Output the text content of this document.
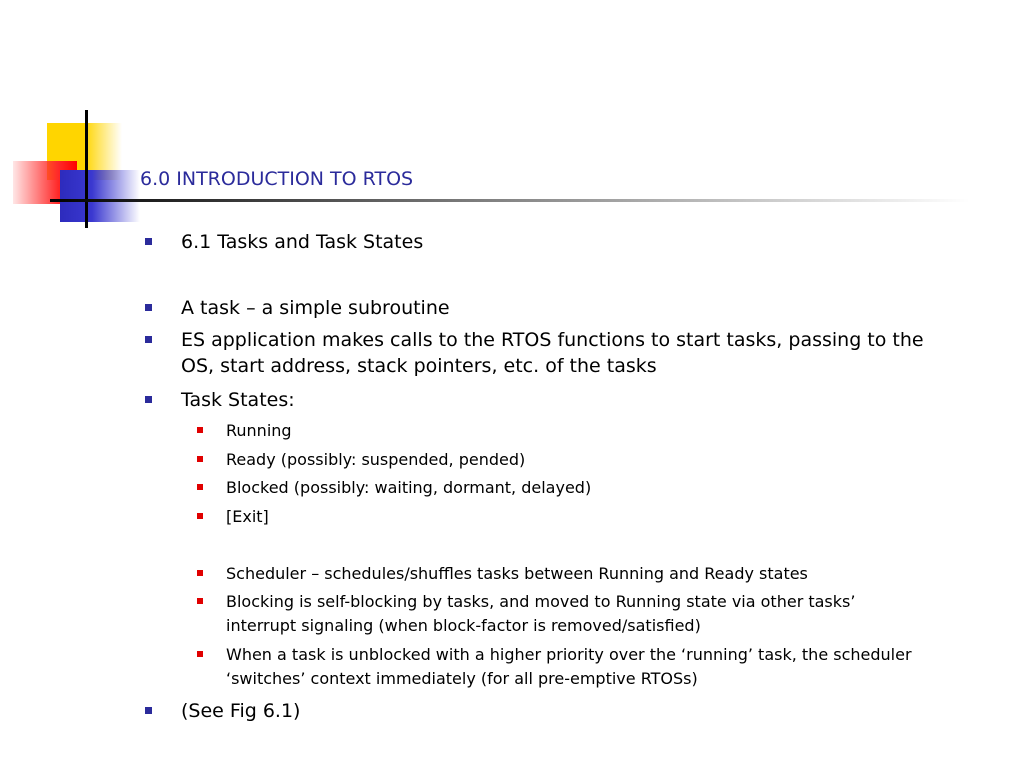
6.0 INTRODUCTION TO RTOS
6.1 Tasks and Task States
A task – a simple subroutine
ES application makes calls to the RTOS functions to start tasks, passing to the
OS, start address, stack pointers, etc. of the tasks
Task States:
Running
Ready (possibly: suspended, pended)
Blocked (possibly: waiting, dormant, delayed)
[Exit]
Scheduler – schedules/shuffles tasks between Running and Ready states
Blocking is self-blocking by tasks, and moved to Running state via other tasks’
interrupt signaling (when block-factor is removed/satisfied)
When a task is unblocked with a higher priority over the ‘running’ task, the scheduler
‘switches’ context immediately (for all pre-emptive RTOSs)
(See Fig 6.1)
